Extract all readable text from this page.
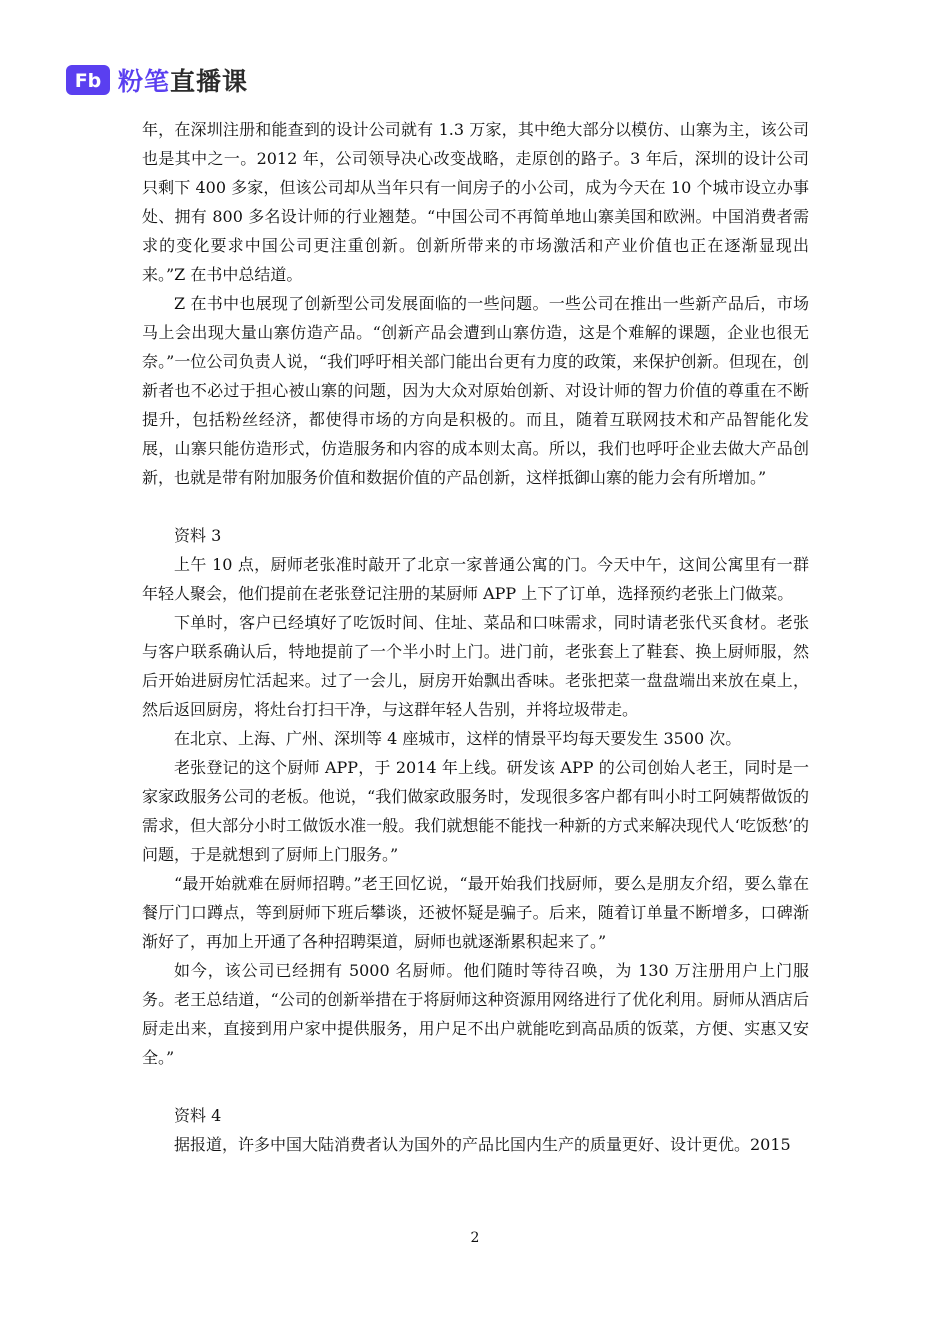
Fb 粉笔直播课

年，在深圳注册和能查到的设计公司就有 1.3 万家，其中绝大部分以模仿、山寨为主，该公司也是其中之一。2012 年，公司领导决心改变战略，走原创的路子。3 年后，深圳的设计公司只剩下 400 多家，但该公司却从当年只有一间房子的小公司，成为今天在 10 个城市设立办事处、拥有 800 多名设计师的行业翘楚。“中国公司不再简单地山寨美国和欧洲。中国消费者需求的变化要求中国公司更注重创新。创新所带来的市场激活和产业价值也正在逐渐显现出来。”Z 在书中总结道。

Z 在书中也展现了创新型公司发展面临的一些问题。一些公司在推出一些新产品后，市场马上会出现大量山寨仿造产品。“创新产品会遭到山寨仿造，这是个难解的课题，企业也很无奈。”一位公司负责人说，“我们呼吁相关部门能出台更有力度的政策，来保护创新。但现在，创新者也不必过于担心被山寨的问题，因为大众对原始创新、对设计师的智力价值的尊重在不断提升，包括粉丝经济，都使得市场的方向是积极的。而且，随着互联网技术和产品智能化发展，山寨只能仿造形式，仿造服务和内容的成本则太高。所以，我们也呼吁企业去做大产品创新，也就是带有附加服务价值和数据价值的产品创新，这样抵御山寨的能力会有所增加。”

资料 3

上午 10 点，厨师老张准时敲开了北京一家普通公寓的门。今天中午，这间公寓里有一群年轻人聚会，他们提前在老张登记注册的某厨师 APP 上下了订单，选择预约老张上门做菜。

下单时，客户已经填好了吃饭时间、住址、菜品和口味需求，同时请老张代买食材。老张与客户联系确认后，特地提前了一个半小时上门。进门前，老张套上了鞋套、换上厨师服，然后开始进厨房忙活起来。过了一会儿，厨房开始飘出香味。老张把菜一盘盘端出来放在桌上，然后返回厨房，将灶台打扫干净，与这群年轻人告别，并将垃圾带走。

在北京、上海、广州、深圳等 4 座城市，这样的情景平均每天要发生 3500 次。

老张登记的这个厨师 APP，于 2014 年上线。研发该 APP 的公司创始人老王，同时是一家家政服务公司的老板。他说，“我们做家政服务时，发现很多客户都有叫小时工阿姨帮做饭的需求，但大部分小时工做饭水准一般。我们就想能不能找一种新的方式来解决现代人‘吃饭愁’的问题，于是就想到了厨师上门服务。”

“最开始就难在厨师招聘。”老王回忆说，“最开始我们找厨师，要么是朋友介绍，要么靠在餐厅门口蹲点，等到厨师下班后攀谈，还被怀疑是骗子。后来，随着订单量不断增多，口碑渐渐好了，再加上开通了各种招聘渠道，厨师也就逐渐累积起来了。”

如今，该公司已经拥有 5000 名厨师。他们随时等待召唤，为 130 万注册用户上门服务。老王总结道，“公司的创新举措在于将厨师这种资源用网络进行了优化利用。厨师从酒店后厨走出来，直接到用户家中提供服务，用户足不出户就能吃到高品质的饭菜，方便、实惠又安全。”

资料 4

据报道，许多中国大陆消费者认为国外的产品比国内生产的质量更好、设计更优。2015

2
